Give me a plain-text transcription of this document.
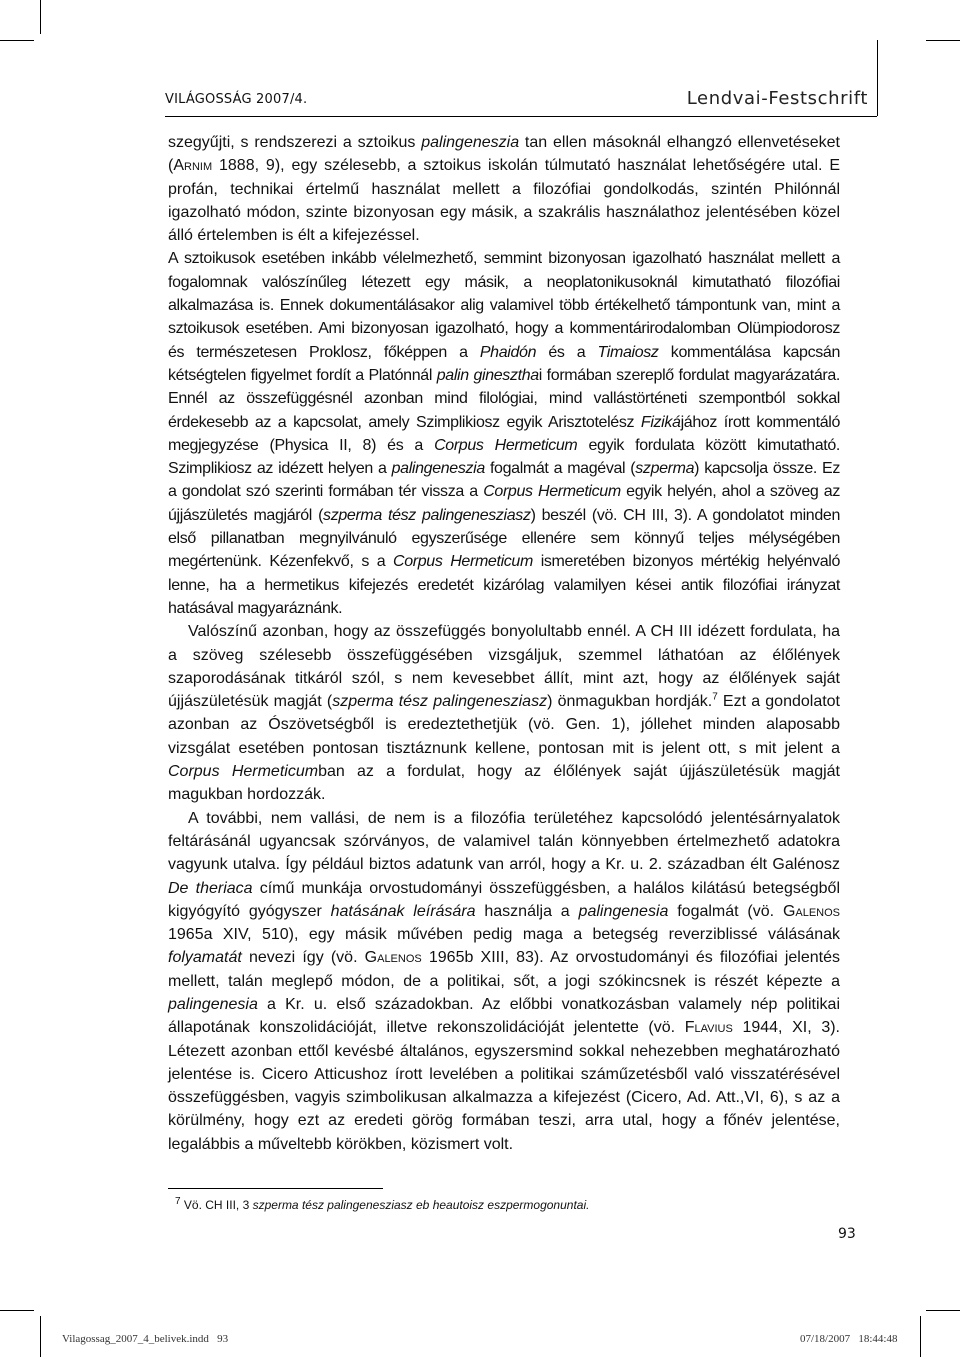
VILÁGOSSÁG 2007/4.	Lendvai-Festschrift

szegyűjti, s rendszerezi a sztoikus palingeneszia tan ellen másoknál elhangzó ellenvetéseket (Arnim 1888, 9), egy szélesebb, a sztoikus iskolán túlmutató használat lehetőségére utal. E profán, technikai értelmű használat mellett a filozófiai gondolkodás, szintén Philónnál igazolható módon, szinte bizonyosan egy másik, a szakrális használathoz jelentésében közel álló értelemben is élt a kifejezéssel.

A sztoikusok esetében inkább vélelmezhető, semmint bizonyosan igazolható használat mellett a fogalomnak valószínűleg létezett egy másik, a neoplatonikusoknál kimutatható filozófiai alkalmazása is. Ennek dokumentálásakor alig valamivel több értékelhető támpontunk van, mint a sztoikusok esetében. Ami bizonyosan igazolható, hogy a kommentárirodalomban Olümpiodorosz és természetesen Proklosz, főképpen a Phaidón és a Timaiosz kommentálása kapcsán kétségtelen figyelmet fordít a Platónnál palin gineszthai formában szereplő fordulat magyarázatára. Ennél az összefüggésnél azonban mind filológiai, mind vallástörténeti szempontból sokkal érdekesebb az a kapcsolat, amely Szimplikiosz egyik Arisztotelész Fizikájához írott kommentáló megjegyzése (Physica II, 8) és a Corpus Hermeticum egyik fordulata között kimutatható. Szimplikiosz az idézett helyen a palingeneszia fogalmát a magéval (szperma) kapcsolja össze. Ez a gondolat szó szerinti formában tér vissza a Corpus Hermeticum egyik helyén, ahol a szöveg az újjászületés magjáról (szperma tész palingenesziasz) beszél (vö. CH III, 3). A gondolatot minden első pillanatban megnyilvánuló egyszerűsége ellenére sem könnyű teljes mélységében megértenünk. Kézenfekvő, s a Corpus Hermeticum ismeretében bizonyos mértékig helyénvaló lenne, ha a hermetikus kifejezés eredetét kizárólag valamilyen kései antik filozófiai irányzat hatásával magyaráznánk.

Valószínű azonban, hogy az összefüggés bonyolultabb ennél. A CH III idézett fordulata, ha a szöveg szélesebb összefüggésében vizsgáljuk, szemmel láthatóan az élőlények szaporodásának titkáról szól, s nem kevesebbet állít, mint azt, hogy az élőlények saját újjászületésük magját (szperma tész palingenesziasz) önmagukban hordják.$^7$ Ezt a gondolatot azonban az Ószövetségből is eredeztethetjük (vö. Gen. 1), jóllehet minden alaposabb vizsgálat esetében pontosan tisztáznunk kellene, pontosan mit is jelent ott, s mit jelent a Corpus Hermeticumban az a fordulat, hogy az élőlények saját újjászületésük magját magukban hordozzák.

A további, nem vallási, de nem is a filozófia területéhez kapcsolódó jelentésárnyalatok feltárásánál ugyancsak szórványos, de valamivel talán könnyebben értelmezhető adatokra vagyunk utalva. Így például biztos adatunk van arról, hogy a Kr. u. 2. században élt Galénosz De theriaca című munkája orvostudományi összefüggésben, a halálos kilátású betegségből kigyógyító gyógyszer hatásának leírására használja a palingenesia fogalmát (vö. Galenos 1965a XIV, 510), egy másik művében pedig maga a betegség reverziblissé válásának folyamatát nevezi így (vö. Galenos 1965b XIII, 83). Az orvostudományi és filozófiai jelentés mellett, talán meglepő módon, de a politikai, sőt, a jogi szókincsnek is részét képezte a palingenesia a Kr. u. első századokban. Az előbbi vonatkozásban valamely nép politikai állapotának konszolidációját, illetve rekonszolidációját jelentette (vö. Flavius 1944, XI, 3). Létezett azonban ettől kevésbé általános, egyszersmind sokkal nehezebben meghatározható jelentése is. Cicero Atticushoz írott levelében a politikai száműzetésből való visszatérésével összefüggésben, vagyis szimbolikusan alkalmazza a kifejezést (Cicero, Ad. Att.,VI, 6), s az a körülmény, hogy ezt az eredeti görög formában teszi, arra utal, hogy a főnév jelentése, legalábbis a műveltebb körökben, közismert volt.

$^7$ Vö. CH III, 3 szperma tész palingenesziasz eb heautoisz eszpermogonuntai.
93
Vilagossag_2007_4_belivek.indd   93	07/18/2007   18:44:48
